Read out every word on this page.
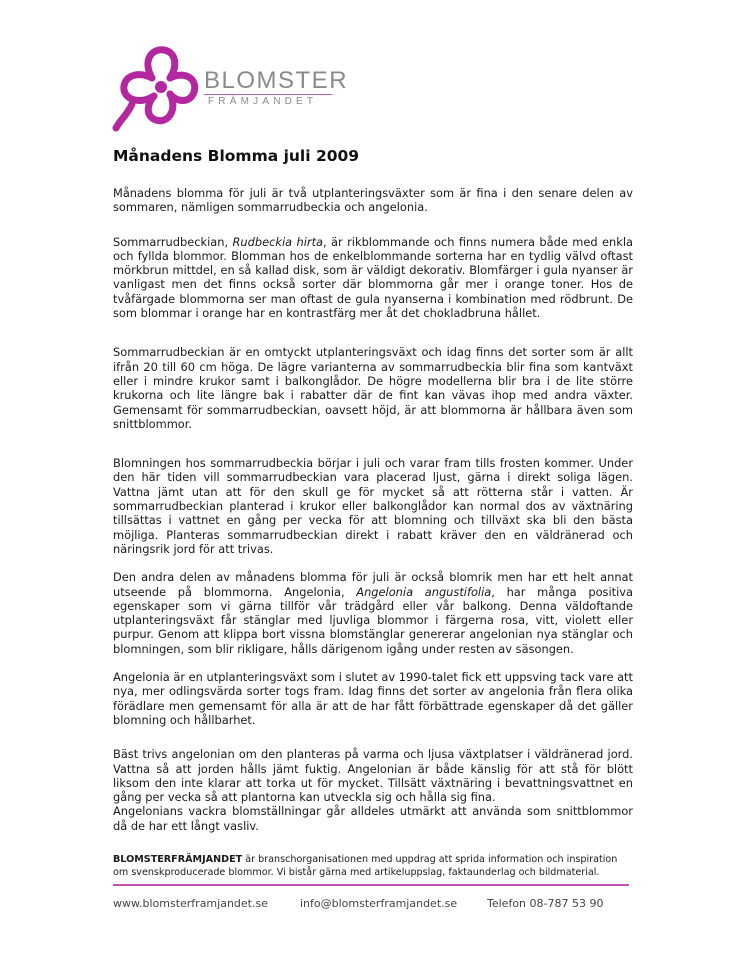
BLOMSTER
FRÄMJANDET
Månadens Blomma juli 2009

Månadens blomma för juli är två utplanteringsväxter som är fina i den senare delen av sommaren, nämligen sommarrudbeckia och angelonia.

Sommarrudbeckian, Rudbeckia hirta, är rikblommande och finns numera både med enkla och fyllda blommor. Blomman hos de enkelblommande sorterna har en tydlig välvd oftast mörkbrun mittdel, en så kallad disk, som är väldigt dekorativ. Blomfärger i gula nyanser är vanligast men det finns också sorter där blommorna går mer i orange toner. Hos de tvåfärgade blommorna ser man oftast de gula nyanserna i kombination med rödbrunt. De som blommar i orange har en kontrastfärg mer åt det chokladbruna hållet.

Sommarrudbeckian är en omtyckt utplanteringsväxt och idag finns det sorter som är allt ifrån 20 till 60 cm höga. De lägre varianterna av sommarrudbeckia blir fina som kantväxt eller i mindre krukor samt i balkonglådor. De högre modellerna blir bra i de lite större krukorna och lite längre bak i rabatter där de fint kan vävas ihop med andra växter. Gemensamt för sommarrudbeckian, oavsett höjd, är att blommorna är hållbara även som snittblommor.

Blomningen hos sommarrudbeckia börjar i juli och varar fram tills frosten kommer. Under den här tiden vill sommarrudbeckian vara placerad ljust, gärna i direkt soliga lägen. Vattna jämt utan att för den skull ge för mycket så att rötterna står i vatten. Är sommarrudbeckian planterad i krukor eller balkonglådor kan normal dos av växtnäring tillsättas i vattnet en gång per vecka för att blomning och tillväxt ska bli den bästa möjliga. Planteras sommarrudbeckian direkt i rabatt kräver den en väldränerad och näringsrik jord för att trivas.

Den andra delen av månadens blomma för juli är också blomrik men har ett helt annat utseende på blommorna. Angelonia, Angelonia angustifolia, har många positiva egenskaper som vi gärna tillför vår trädgård eller vår balkong. Denna väldoftande utplanteringsväxt får stänglar med ljuvliga blommor i färgerna rosa, vitt, violett eller purpur. Genom att klippa bort vissna blomstänglar genererar angelonian nya stänglar och blomningen, som blir rikligare, hålls därigenom igång under resten av säsongen.

Angelonia är en utplanteringsväxt som i slutet av 1990-talet fick ett uppsving tack vare att nya, mer odlingsvärda sorter togs fram. Idag finns det sorter av angelonia från flera olika förädlare men gemensamt för alla är att de har fått förbättrade egenskaper då det gäller blomning och hållbarhet.

Bäst trivs angelonian om den planteras på varma och ljusa växtplatser i väldränerad jord. Vattna så att jorden hålls jämt fuktig. Angelonian är både känslig för att stå för blött liksom den inte klarar att torka ut för mycket. Tillsätt växtnäring i bevattningsvattnet en gång per vecka så att plantorna kan utveckla sig och hålla sig fina.

Angelonians vackra blomställningar går alldeles utmärkt att använda som snittblommor då de har ett långt vasliv.

BLOMSTERFRÄMJANDET är branschorganisationen med uppdrag att sprida information och inspiration om svenskproducerade blommor. Vi bistår gärna med artikeluppslag, faktaunderlag och bildmaterial.
www.blomsterframjandet.se	info@blomsterframjandet.se	Telefon 08-787 53 90
